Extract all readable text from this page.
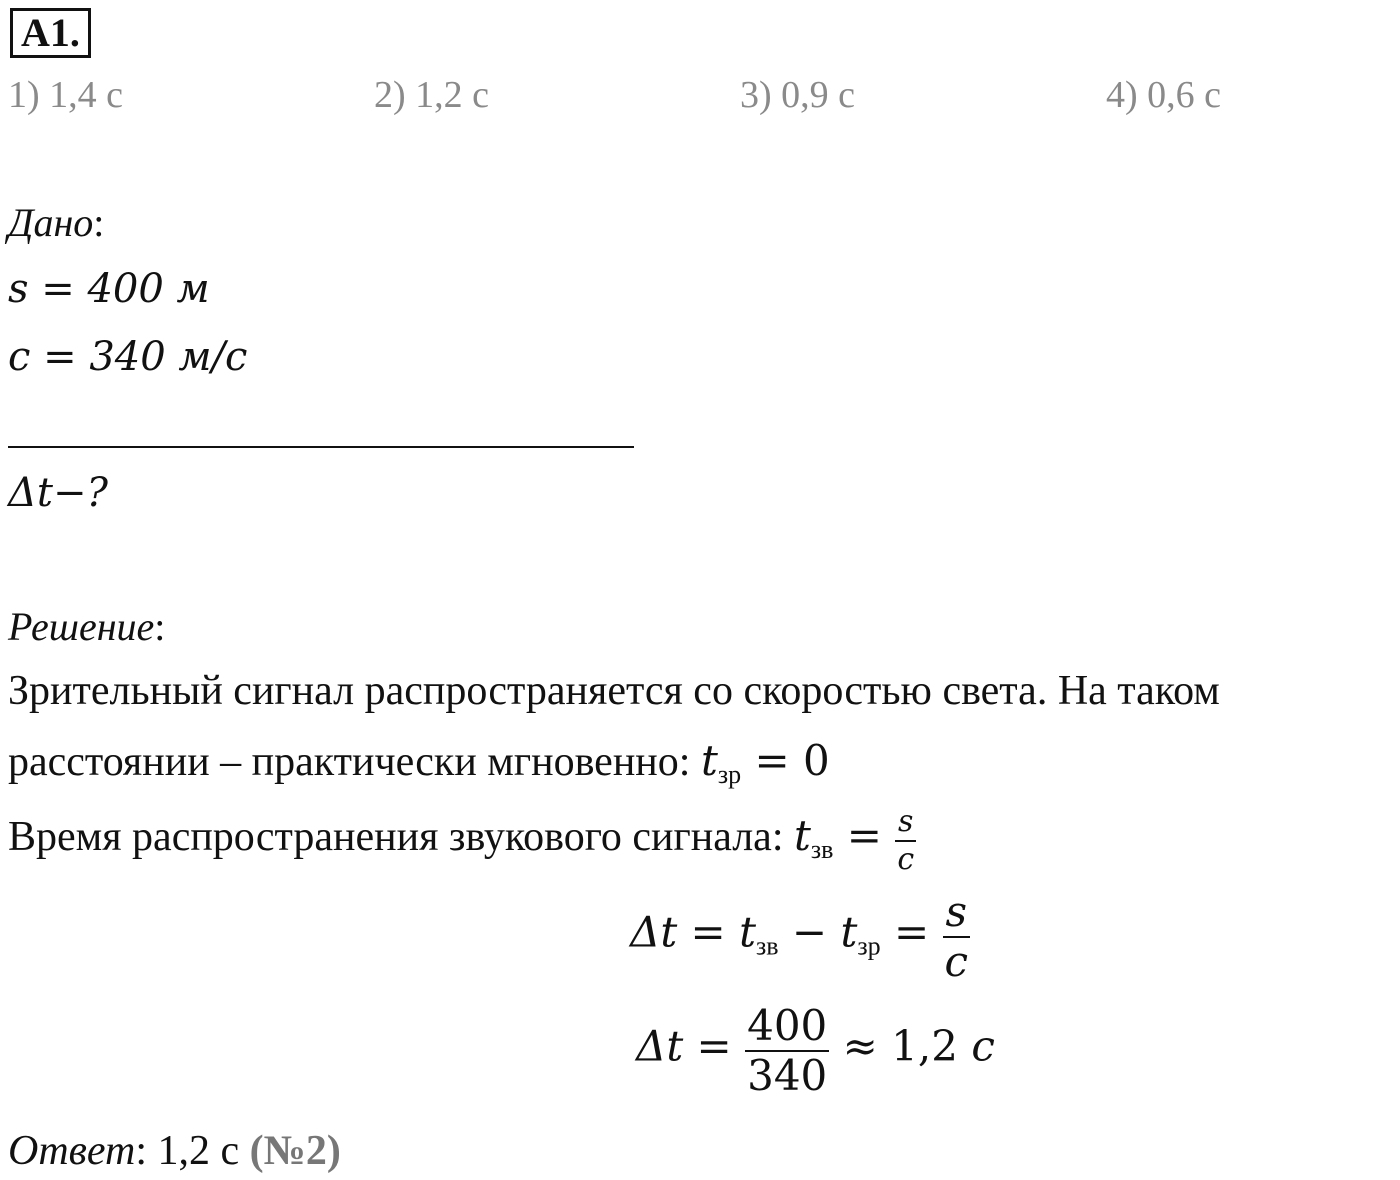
A1.
1) 1,4 с	2) 1,2 с	3) 0,9 с	4) 0,6 с
Дано:
s = 400 м
c = 340 м/с
Δt−?
Решение:
Зрительный сигнал распространяется со скоростью света. На таком
расстоянии – практически мгновенно: $t_{зр} = 0$
Время распространения звукового сигнала: $t_{зв} = \frac{s}{c}$
$\Delta t = t_{зв} - t_{зр} = \frac{s}{c}$
$\Delta t = \frac{400}{340} \approx 1,2$ c
Ответ: 1,2 с (№2)
